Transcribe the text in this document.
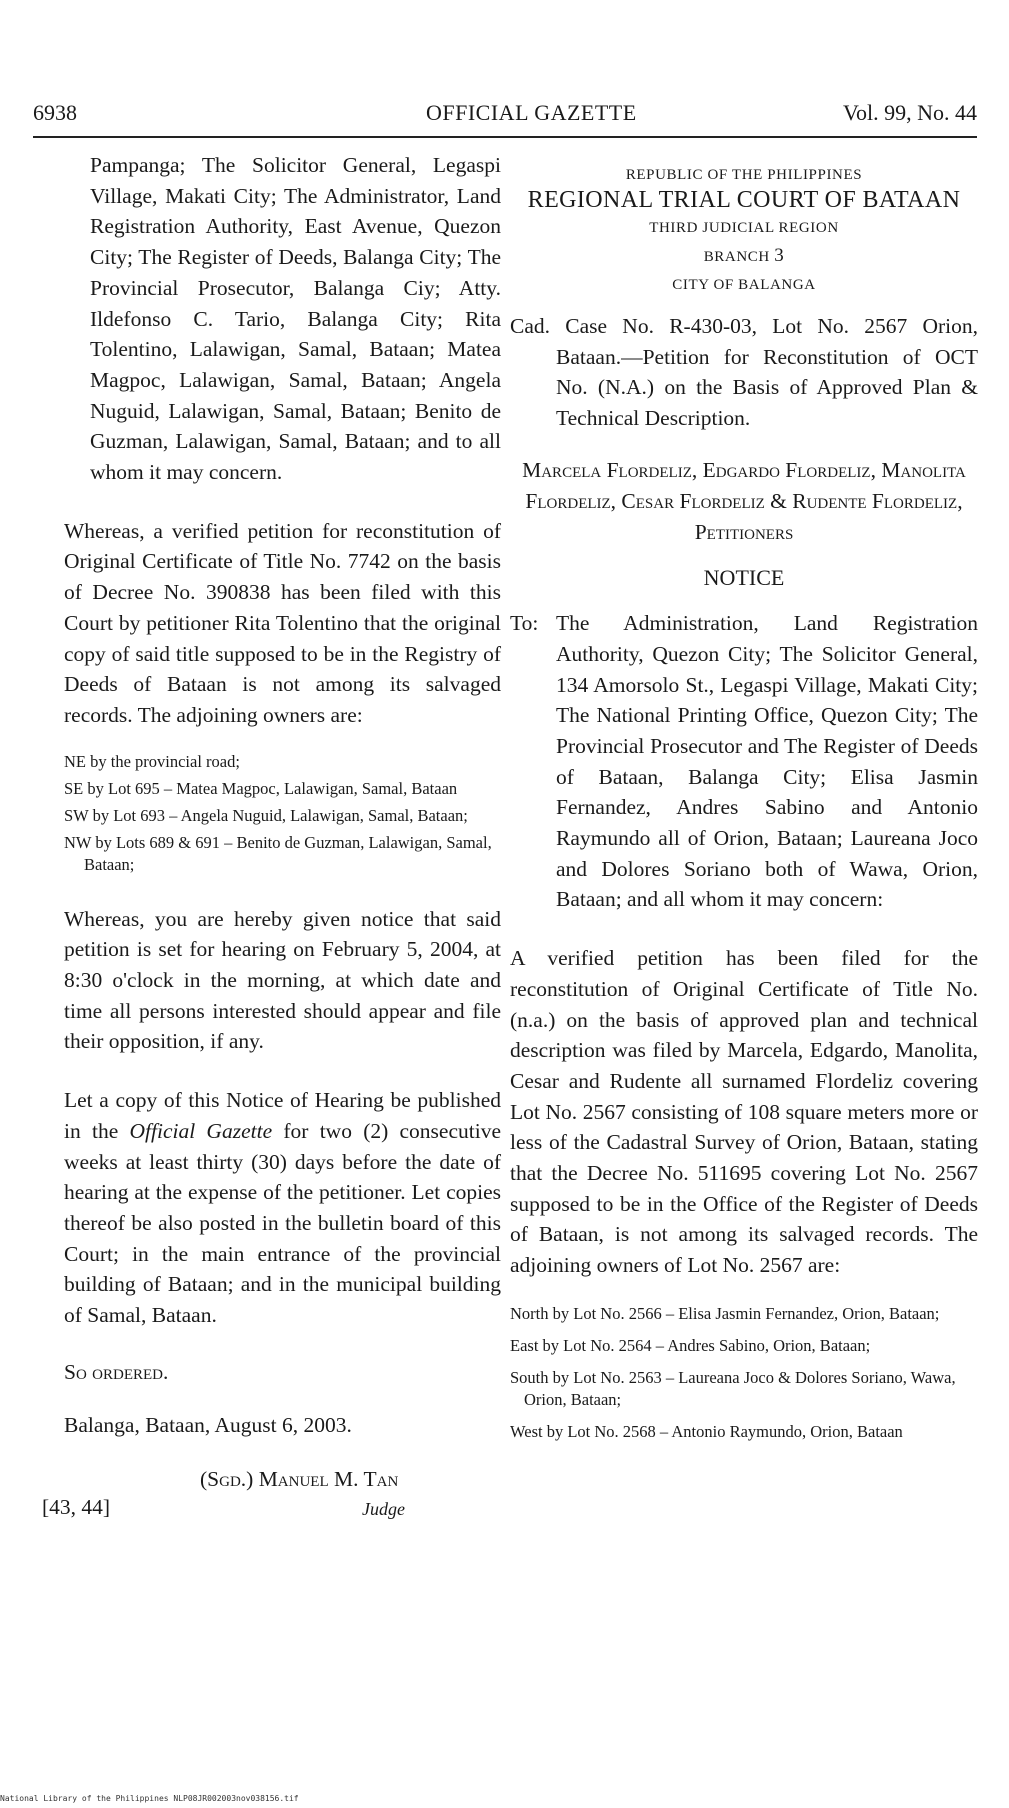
6938	OFFICIAL GAZETTE	Vol. 99, No. 44

Pampanga; The Solicitor General, Legaspi Village, Makati City; The Administrator, Land Registration Authority, East Avenue, Quezon City; The Register of Deeds, Balanga City; The Provincial Prosecutor, Balanga Ciy; Atty. Ildefonso C. Tario, Balanga City; Rita Tolentino, Lalawigan, Samal, Bataan; Matea Magpoc, Lalawigan, Samal, Bataan; Angela Nuguid, Lalawigan, Samal, Bataan; Benito de Guzman, Lalawigan, Samal, Bataan; and to all whom it may concern.

Whereas, a verified petition for reconstitution of Original Certificate of Title No. 7742 on the basis of Decree No. 390838 has been filed with this Court by petitioner Rita Tolentino that the original copy of said title supposed to be in the Registry of Deeds of Bataan is not among its salvaged records. The adjoining owners are:

NE by the provincial road;
SE by Lot 695 – Matea Magpoc, Lalawigan, Samal, Bataan
SW by Lot 693 – Angela Nuguid, Lalawigan, Samal, Bataan;
NW by Lots 689 & 691 – Benito de Guzman, Lalawigan, Samal, Bataan;

Whereas, you are hereby given notice that said petition is set for hearing on February 5, 2004, at 8:30 o'clock in the morning, at which date and time all persons interested should appear and file their opposition, if any.

Let a copy of this Notice of Hearing be published in the Official Gazette for two (2) consecutive weeks at least thirty (30) days before the date of hearing at the expense of the petitioner. Let copies thereof be also posted in the bulletin board of this Court; in the main entrance of the provincial building of Bataan; and in the municipal building of Samal, Bataan.

So ordered.
Balanga, Bataan, August 6, 2003.
(Sgd.) Manuel M. Tan
Judge
[43, 44]
REPUBLIC OF THE PHILIPPINES
REGIONAL TRIAL COURT OF BATAAN
THIRD JUDICIAL REGION
BRANCH 3
CITY OF BALANGA

Cad. Case No. R-430-03, Lot No. 2567 Orion, Bataan.—Petition for Reconstitution of OCT No. (N.A.) on the Basis of Approved Plan & Technical Description.

Marcela Flordeliz, Edgardo Flordeliz, Manolita Flordeliz, Cesar Flordeliz & Rudente Flordeliz, Petitioners
NOTICE
To: The Administration, Land Registration Authority, Quezon City; The Solicitor General, 134 Amorsolo St., Legaspi Village, Makati City; The National Printing Office, Quezon City; The Provincial Prosecutor and The Register of Deeds of Bataan, Balanga City; Elisa Jasmin Fernandez, Andres Sabino and Antonio Raymundo all of Orion, Bataan; Laureana Joco and Dolores Soriano both of Wawa, Orion, Bataan; and all whom it may concern:

A verified petition has been filed for the reconstitution of Original Certificate of Title No. (n.a.) on the basis of approved plan and technical description was filed by Marcela, Edgardo, Manolita, Cesar and Rudente all surnamed Flordeliz covering Lot No. 2567 consisting of 108 square meters more or less of the Cadastral Survey of Orion, Bataan, stating that the Decree No. 511695 covering Lot No. 2567 supposed to be in the Office of the Register of Deeds of Bataan, is not among its salvaged records. The adjoining owners of Lot No. 2567 are:

North by Lot No. 2566 – Elisa Jasmin Fernandez, Orion, Bataan;
East by Lot No. 2564 – Andres Sabino, Orion, Bataan;
South by Lot No. 2563 – Laureana Joco & Dolores Soriano, Wawa, Orion, Bataan;
West by Lot No. 2568 – Antonio Raymundo, Orion, Bataan
National Library of the Philippines NLP08JR002003nov038156.tif
